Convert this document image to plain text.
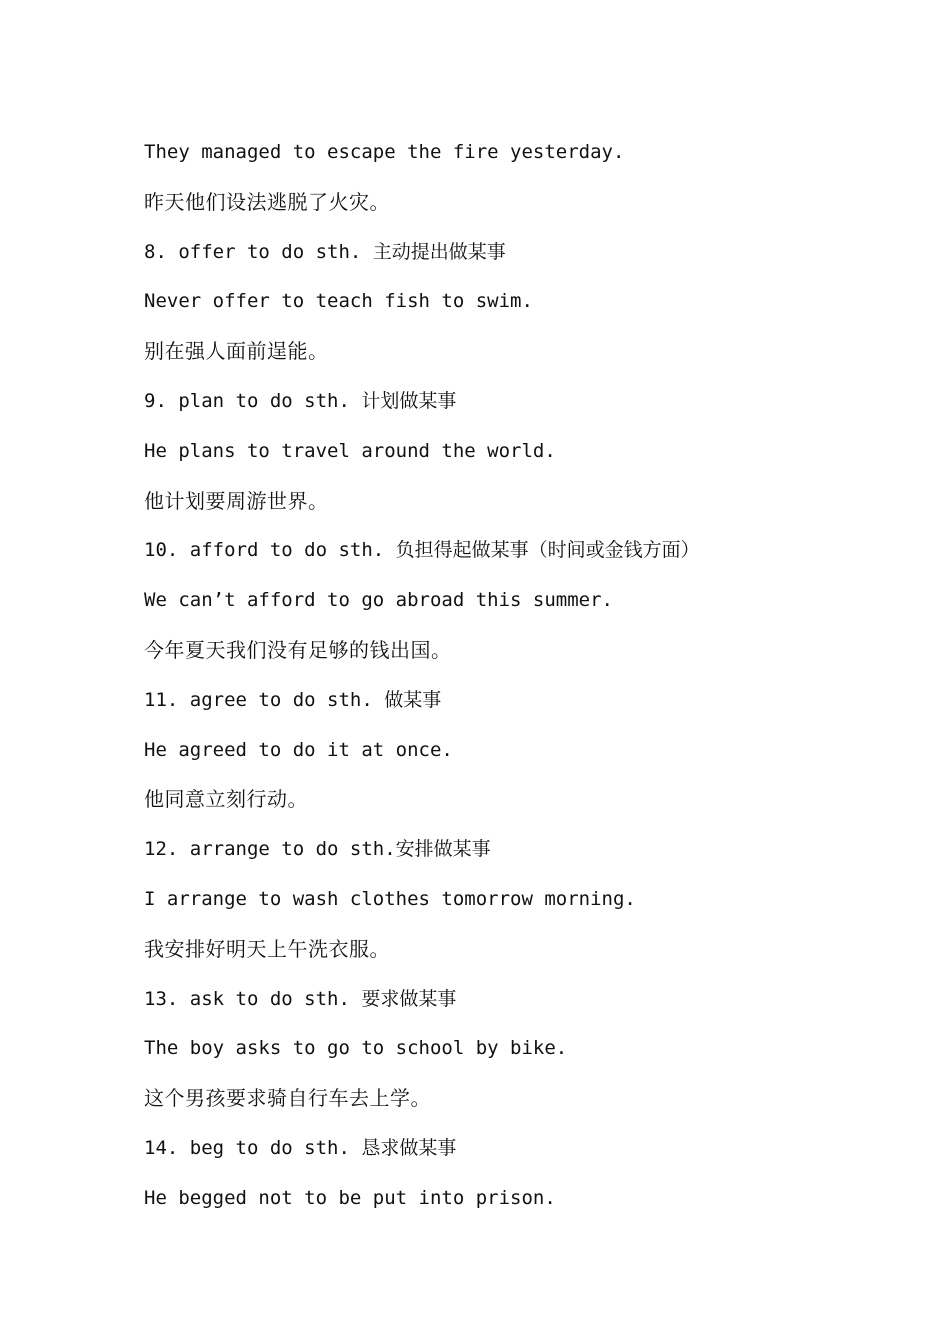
They managed to escape the fire yesterday.
昨天他们设法逃脱了火灾。
8. offer to do sth. 主动提出做某事
Never offer to teach fish to swim.
别在强人面前逞能。
9. plan to do sth. 计划做某事
He plans to travel around the world.
他计划要周游世界。
10. afford to do sth. 负担得起做某事（时间或金钱方面）
We can’t afford to go abroad this summer.
今年夏天我们没有足够的钱出国。
11. agree to do sth. 做某事
He agreed to do it at once.
他同意立刻行动。
12. arrange to do sth.安排做某事
I arrange to wash clothes tomorrow morning.
我安排好明天上午洗衣服。
13. ask to do sth. 要求做某事
The boy asks to go to school by bike.
这个男孩要求骑自行车去上学。
14. beg to do sth. 恳求做某事
He begged not to be put into prison.
